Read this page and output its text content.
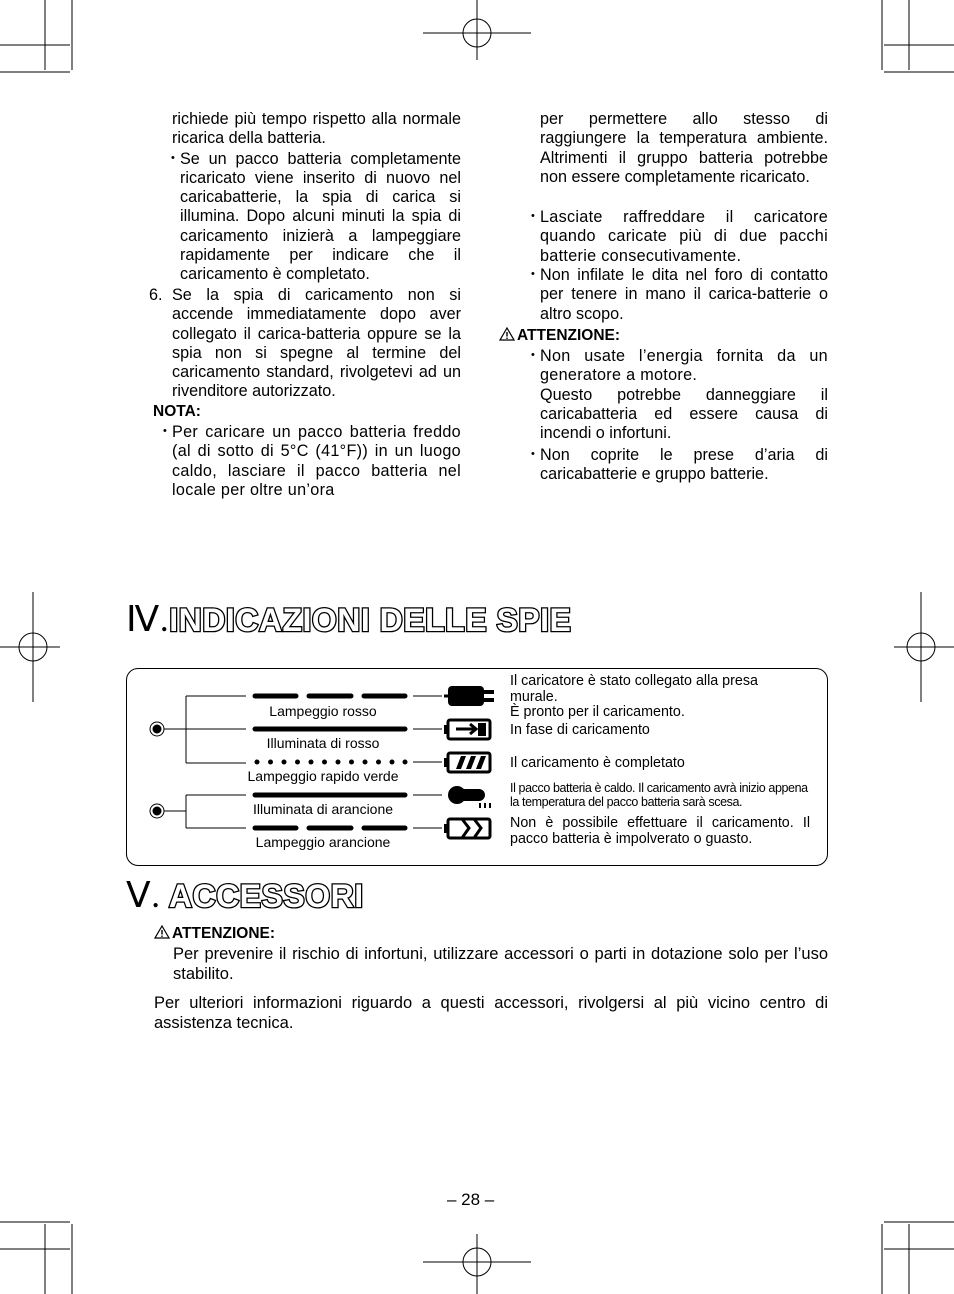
richiede più tempo rispetto alla normale ricarica della batteria.

• Se un pacco batteria completamente ricaricato viene inserito di nuovo nel caricabatterie, la spia di carica si illumina. Dopo alcuni minuti la spia di caricamento inizierà a lampeggiare rapidamente per indicare che il caricamento è completato.

6. Se la spia di caricamento non si accende immediatamente dopo aver collegato il carica-batteria oppure se la spia non si spegne al termine del caricamento standard, rivolgetevi ad un rivenditore autorizzato.
NOTA:

• Per caricare un pacco batteria freddo (al di sotto di 5°C (41°F)) in un luogo caldo, lasciare il pacco batteria nel locale per oltre un’ora

per permettere allo stesso di raggiungere la temperatura ambiente. Altrimenti il gruppo batteria potrebbe non essere completamente ricaricato.

• Lasciate raffreddare il caricatore quando caricate più di due pacchi batterie consecutivamente.

• Non infilate le dita nel foro di contatto per tenere in mano il carica-batterie o altro scopo.

ATTENZIONE:

• Non usate l’energia fornita da un generatore a motore.

Questo potrebbe danneggiare il caricabatteria ed essere causa di incendi o infortuni.

• Non coprite le prese d’aria di caricabatterie e gruppo batterie.

Ⅳ.INDICAZIONI DELLE SPIE
Lampeggio rosso
Illuminata di rosso
Lampeggio rapido verde
Illuminata di arancione
Lampeggio arancione
Il caricatore è stato collegato alla presa murale.
È pronto per il caricamento.
In fase di caricamento
Il caricamento è completato
Il pacco batteria è caldo. Il caricamento avrà inizio appena la temperatura del pacco batteria sarà scesa.
Non è possibile effettuare il caricamento. Il pacco batteria è impolverato o guasto.
Ⅴ. ACCESSORI
ATTENZIONE:
Per prevenire il rischio di infortuni, utilizzare accessori o parti in dotazione solo per l’uso stabilito.
Per ulteriori informazioni riguardo a questi accessori, rivolgersi al più vicino centro di assistenza tecnica.
– 28 –
